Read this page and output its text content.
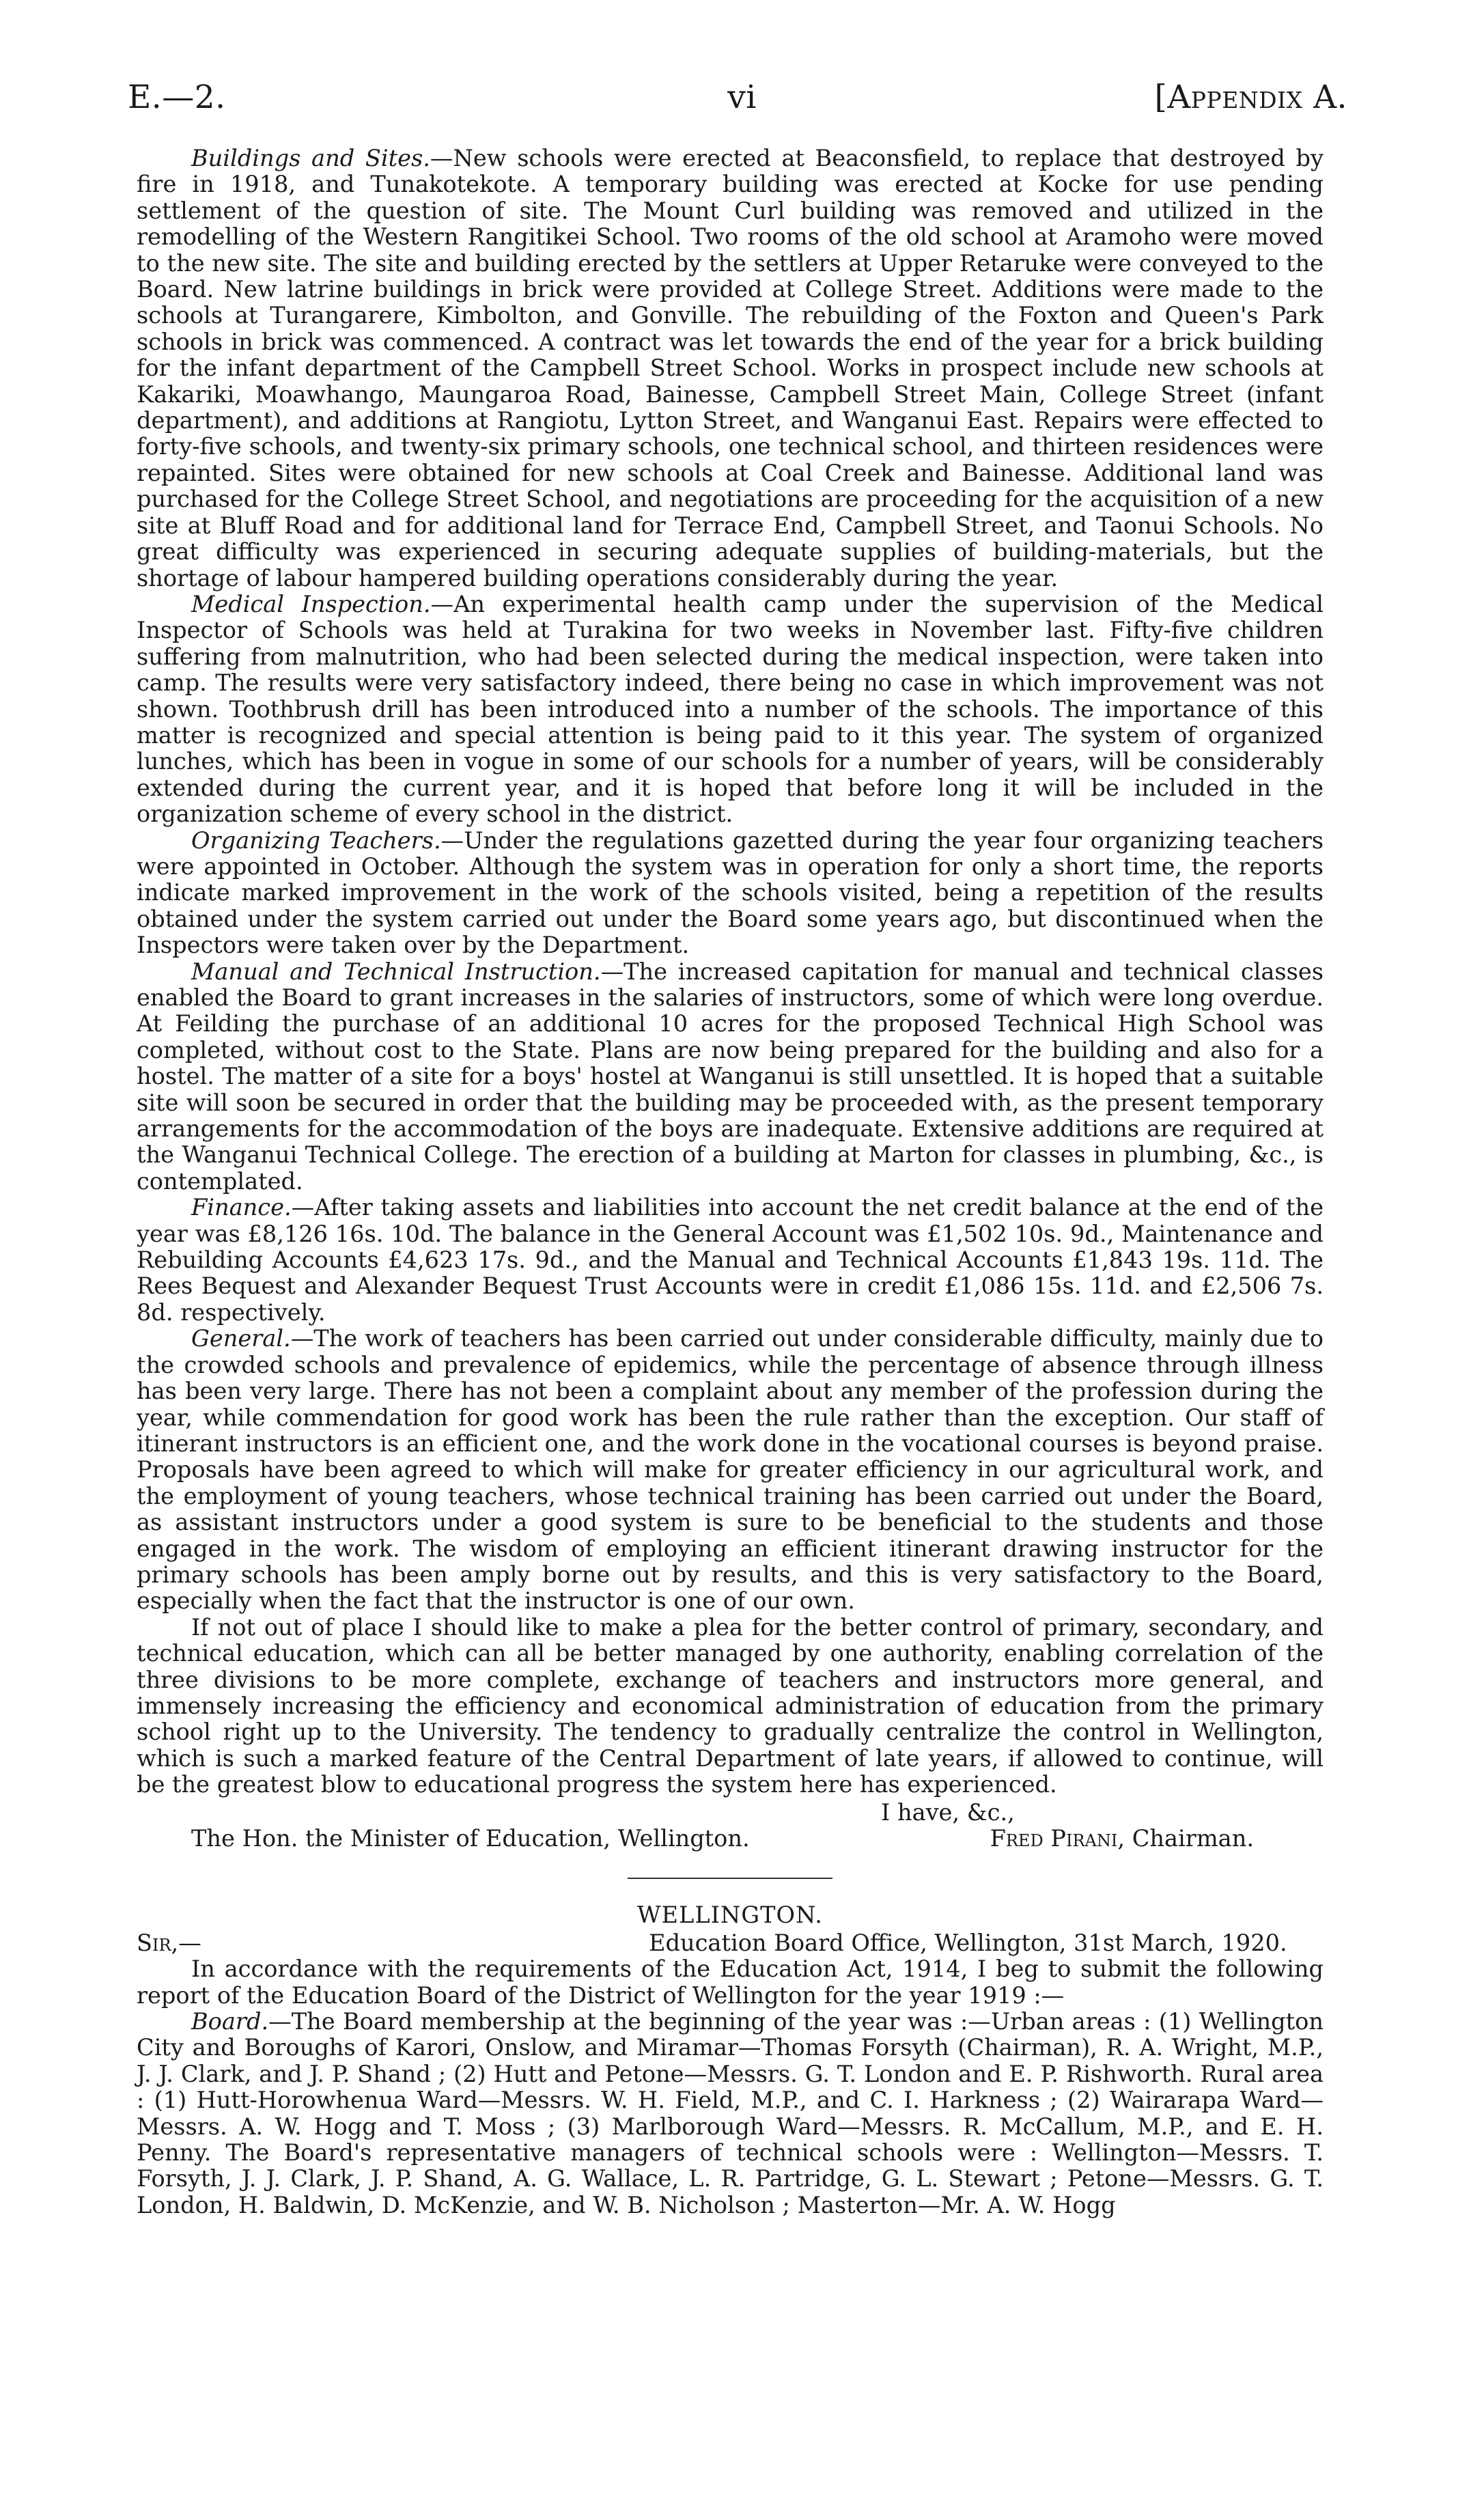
E.—2.	vi	[Appendix A.

Buildings and Sites.—New schools were erected at Beaconsfield, to replace that destroyed by fire in 1918, and Tunakotekote. A temporary building was erected at Kocke for use pending settlement of the question of site. The Mount Curl building was removed and utilized in the remodelling of the Western Rangitikei School. Two rooms of the old school at Aramoho were moved to the new site. The site and building erected by the settlers at Upper Retaruke were conveyed to the Board. New latrine buildings in brick were provided at College Street. Additions were made to the schools at Turangarere, Kimbolton, and Gonville. The rebuilding of the Foxton and Queen's Park schools in brick was commenced. A contract was let towards the end of the year for a brick building for the infant department of the Campbell Street School. Works in prospect include new schools at Kakariki, Moawhango, Maungaroa Road, Bainesse, Campbell Street Main, College Street (infant department), and additions at Rangiotu, Lytton Street, and Wanganui East. Repairs were effected to forty-five schools, and twenty-six primary schools, one technical school, and thirteen residences were repainted. Sites were obtained for new schools at Coal Creek and Bainesse. Additional land was purchased for the College Street School, and negotiations are proceeding for the acquisition of a new site at Bluff Road and for additional land for Terrace End, Campbell Street, and Taonui Schools. No great difficulty was experienced in securing adequate supplies of building-materials, but the shortage of labour hampered building operations considerably during the year.

Medical Inspection.—An experimental health camp under the supervision of the Medical Inspector of Schools was held at Turakina for two weeks in November last. Fifty-five children suffering from malnutrition, who had been selected during the medical inspection, were taken into camp. The results were very satisfactory indeed, there being no case in which improvement was not shown. Toothbrush drill has been introduced into a number of the schools. The importance of this matter is recognized and special attention is being paid to it this year. The system of organized lunches, which has been in vogue in some of our schools for a number of years, will be considerably extended during the current year, and it is hoped that before long it will be included in the organization scheme of every school in the district.

Organizing Teachers.—Under the regulations gazetted during the year four organizing teachers were appointed in October. Although the system was in operation for only a short time, the reports indicate marked improvement in the work of the schools visited, being a repetition of the results obtained under the system carried out under the Board some years ago, but discontinued when the Inspectors were taken over by the Department.

Manual and Technical Instruction.—The increased capitation for manual and technical classes enabled the Board to grant increases in the salaries of instructors, some of which were long overdue. At Feilding the purchase of an additional 10 acres for the proposed Technical High School was completed, without cost to the State. Plans are now being prepared for the building and also for a hostel. The matter of a site for a boys' hostel at Wanganui is still unsettled. It is hoped that a suitable site will soon be secured in order that the building may be proceeded with, as the present temporary arrangements for the accommodation of the boys are inadequate. Extensive additions are required at the Wanganui Technical College. The erection of a building at Marton for classes in plumbing, &c., is contemplated.

Finance.—After taking assets and liabilities into account the net credit balance at the end of the year was £8,126 16s. 10d. The balance in the General Account was £1,502 10s. 9d., Maintenance and Rebuilding Accounts £4,623 17s. 9d., and the Manual and Technical Accounts £1,843 19s. 11d. The Rees Bequest and Alexander Bequest Trust Accounts were in credit £1,086 15s. 11d. and £2,506 7s. 8d. respectively.

General.—The work of teachers has been carried out under considerable difficulty, mainly due to the crowded schools and prevalence of epidemics, while the percentage of absence through illness has been very large. There has not been a complaint about any member of the profession during the year, while commendation for good work has been the rule rather than the exception. Our staff of itinerant instructors is an efficient one, and the work done in the vocational courses is beyond praise. Proposals have been agreed to which will make for greater efficiency in our agricultural work, and the employment of young teachers, whose technical training has been carried out under the Board, as assistant instructors under a good system is sure to be beneficial to the students and those engaged in the work. The wisdom of employing an efficient itinerant drawing instructor for the primary schools has been amply borne out by results, and this is very satisfactory to the Board, especially when the fact that the instructor is one of our own.

If not out of place I should like to make a plea for the better control of primary, secondary, and technical education, which can all be better managed by one authority, enabling correlation of the three divisions to be more complete, exchange of teachers and instructors more general, and immensely increasing the efficiency and economical administration of education from the primary school right up to the University. The tendency to gradually centralize the control in Wellington, which is such a marked feature of the Central Department of late years, if allowed to continue, will be the greatest blow to educational progress the system here has experienced.

I have, &c.,
The Hon. the Minister of Education, Wellington.	Fred Pirani, Chairman.
WELLINGTON.
Sir,—	Education Board Office, Wellington, 31st March, 1920.

In accordance with the requirements of the Education Act, 1914, I beg to submit the following report of the Education Board of the District of Wellington for the year 1919 :—

Board.—The Board membership at the beginning of the year was :—Urban areas : (1) Wellington City and Boroughs of Karori, Onslow, and Miramar—Thomas Forsyth (Chairman), R. A. Wright, M.P., J. J. Clark, and J. P. Shand ; (2) Hutt and Petone—Messrs. G. T. London and E. P. Rishworth. Rural area : (1) Hutt-Horowhenua Ward—Messrs. W. H. Field, M.P., and C. I. Harkness ; (2) Wairarapa Ward—Messrs. A. W. Hogg and T. Moss ; (3) Marlborough Ward—Messrs. R. McCallum, M.P., and E. H. Penny. The Board's representative managers of technical schools were : Wellington—Messrs. T. Forsyth, J. J. Clark, J. P. Shand, A. G. Wallace, L. R. Partridge, G. L. Stewart ; Petone—Messrs. G. T. London, H. Baldwin, D. McKenzie, and W. B. Nicholson ; Masterton—Mr. A. W. Hogg
